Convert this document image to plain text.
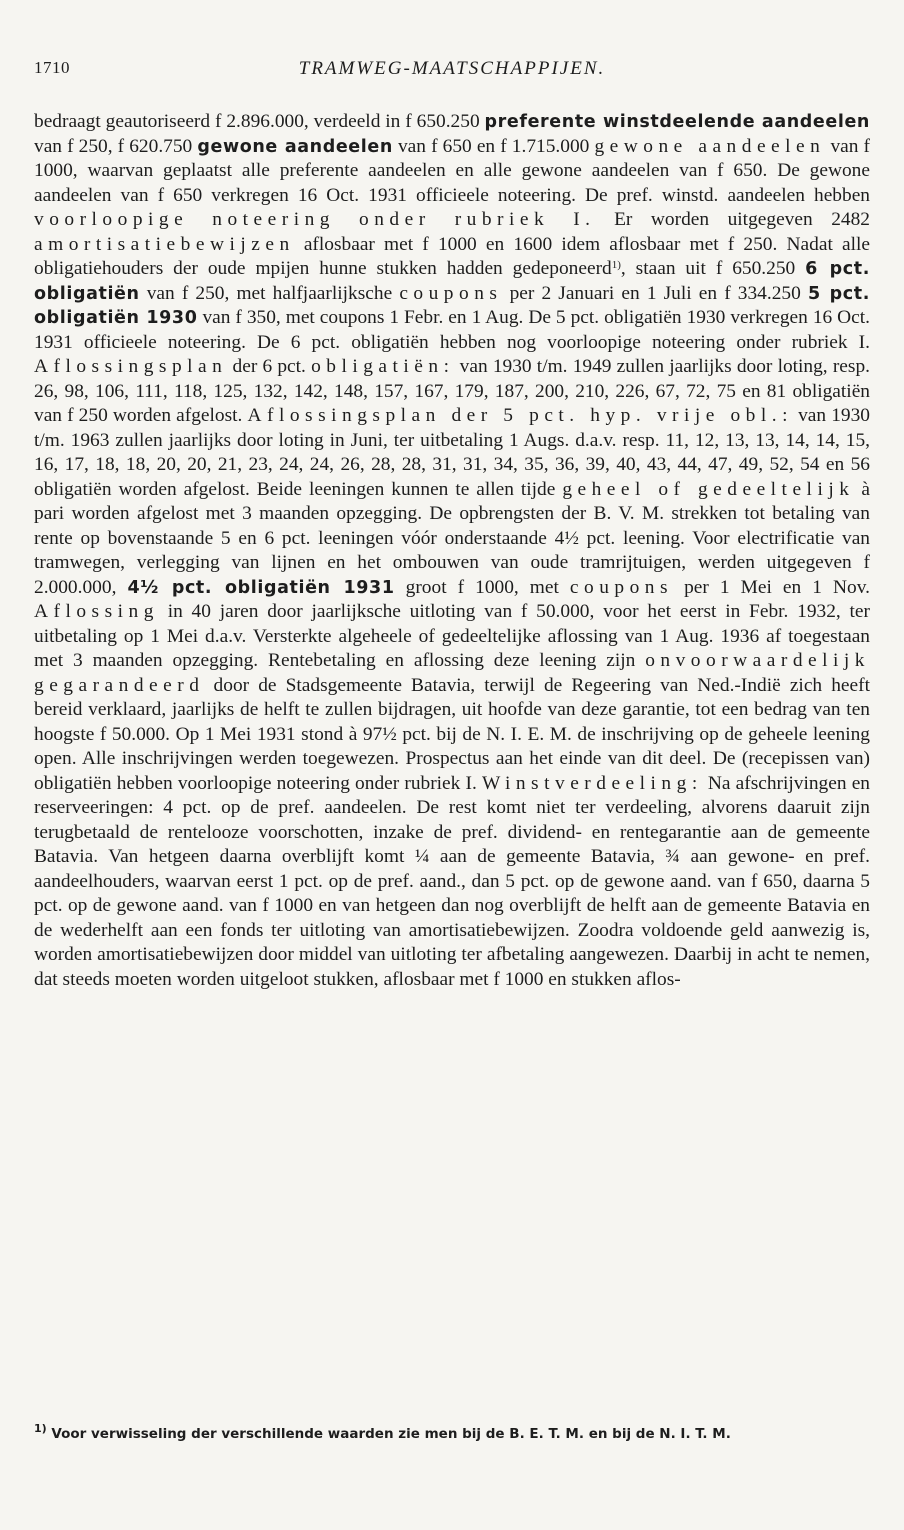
1710	TRAMWEG-MAATSCHAPPIJEN.

bedraagt geautoriseerd f 2.896.000, verdeeld in f 650.250 preferente winstdeelende aandeelen van f 250, f 620.750 gewone aandeelen van f 650 en f 1.715.000 gewone aandeelen van f 1000, waarvan geplaatst alle preferente aandeelen en alle gewone aandeelen van f 650. De gewone aandeelen van f 650 verkregen 16 Oct. 1931 officieele noteering. De pref. winstd. aandeelen hebben voorloopige noteering onder rubriek I. Er worden uitgegeven 2482 amortisatiebewijzen aflosbaar met f 1000 en 1600 idem aflosbaar met f 250. Nadat alle obligatiehouders der oude mpijen hunne stukken hadden gedeponeerd$^{1)}$, staan uit f 650.250 6 pct. obligatiën van f 250, met halfjaarlijksche coupons per 2 Januari en 1 Juli en f 334.250 5 pct. obligatiën 1930 van f 350, met coupons 1 Febr. en 1 Aug. De 5 pct. obligatiën 1930 verkregen 16 Oct. 1931 officieele noteering. De 6 pct. obligatiën hebben nog voorloopige noteering onder rubriek I. Aflossingsplan der 6 pct. obligatiën: van 1930 t/m. 1949 zullen jaarlijks door loting, resp. 26, 98, 106, 111, 118, 125, 132, 142, 148, 157, 167, 179, 187, 200, 210, 226, 67, 72, 75 en 81 obligatiën van f 250 worden afgelost. Aflossingsplan der 5 pct. hyp. vrije obl.: van 1930 t/m. 1963 zullen jaarlijks door loting in Juni, ter uitbetaling 1 Augs. d.a.v. resp. 11, 12, 13, 13, 14, 14, 15, 16, 17, 18, 18, 20, 20, 21, 23, 24, 24, 26, 28, 28, 31, 31, 34, 35, 36, 39, 40, 43, 44, 47, 49, 52, 54 en 56 obligatiën worden afgelost. Beide leeningen kunnen te allen tijde geheel of gedeeltelijk à pari worden afgelost met 3 maanden opzegging. De opbrengsten der B. V. M. strekken tot betaling van rente op bovenstaande 5 en 6 pct. leeningen vóór onderstaande 4½ pct. leening. Voor electrificatie van tramwegen, verlegging van lijnen en het ombouwen van oude tramrijtuigen, werden uitgegeven f 2.000.000, 4½ pct. obligatiën 1931 groot f 1000, met coupons per 1 Mei en 1 Nov. Aflossing in 40 jaren door jaarlijksche uitloting van f 50.000, voor het eerst in Febr. 1932, ter uitbetaling op 1 Mei d.a.v. Versterkte algeheele of gedeeltelijke aflossing van 1 Aug. 1936 af toegestaan met 3 maanden opzegging. Rentebetaling en aflossing deze leening zijn onvoorwaardelijk gegarandeerd door de Stadsgemeente Batavia, terwijl de Regeering van Ned.-Indië zich heeft bereid verklaard, jaarlijks de helft te zullen bijdragen, uit hoofde van deze garantie, tot een bedrag van ten hoogste f 50.000. Op 1 Mei 1931 stond à 97½ pct. bij de N. I. E. M. de inschrijving op de geheele leening open. Alle inschrijvingen werden toegewezen. Prospectus aan het einde van dit deel. De (recepissen van) obligatiën hebben voorloopige noteering onder rubriek I. Winstverdeeling: Na afschrijvingen en reserveeringen: 4 pct. op de pref. aandeelen. De rest komt niet ter verdeeling, alvorens daaruit zijn terugbetaald de rentelooze voorschotten, inzake de pref. dividend- en rentegarantie aan de gemeente Batavia. Van hetgeen daarna overblijft komt ¼ aan de gemeente Batavia, ¾ aan gewone- en pref. aandeelhouders, waarvan eerst 1 pct. op de pref. aand., dan 5 pct. op de gewone aand. van f 650, daarna 5 pct. op de gewone aand. van f 1000 en van hetgeen dan nog overblijft de helft aan de gemeente Batavia en de wederhelft aan een fonds ter uitloting van amortisatiebewijzen. Zoodra voldoende geld aanwezig is, worden amortisatiebewijzen door middel van uitloting ter afbetaling aangewezen. Daarbij in acht te nemen, dat steeds moeten worden uitgeloot stukken, aflosbaar met f 1000 en stukken aflos-

$^{1)}$ Voor verwisseling der verschillende waarden zie men bij de B. E. T. M. en bij de N. I. T. M.
